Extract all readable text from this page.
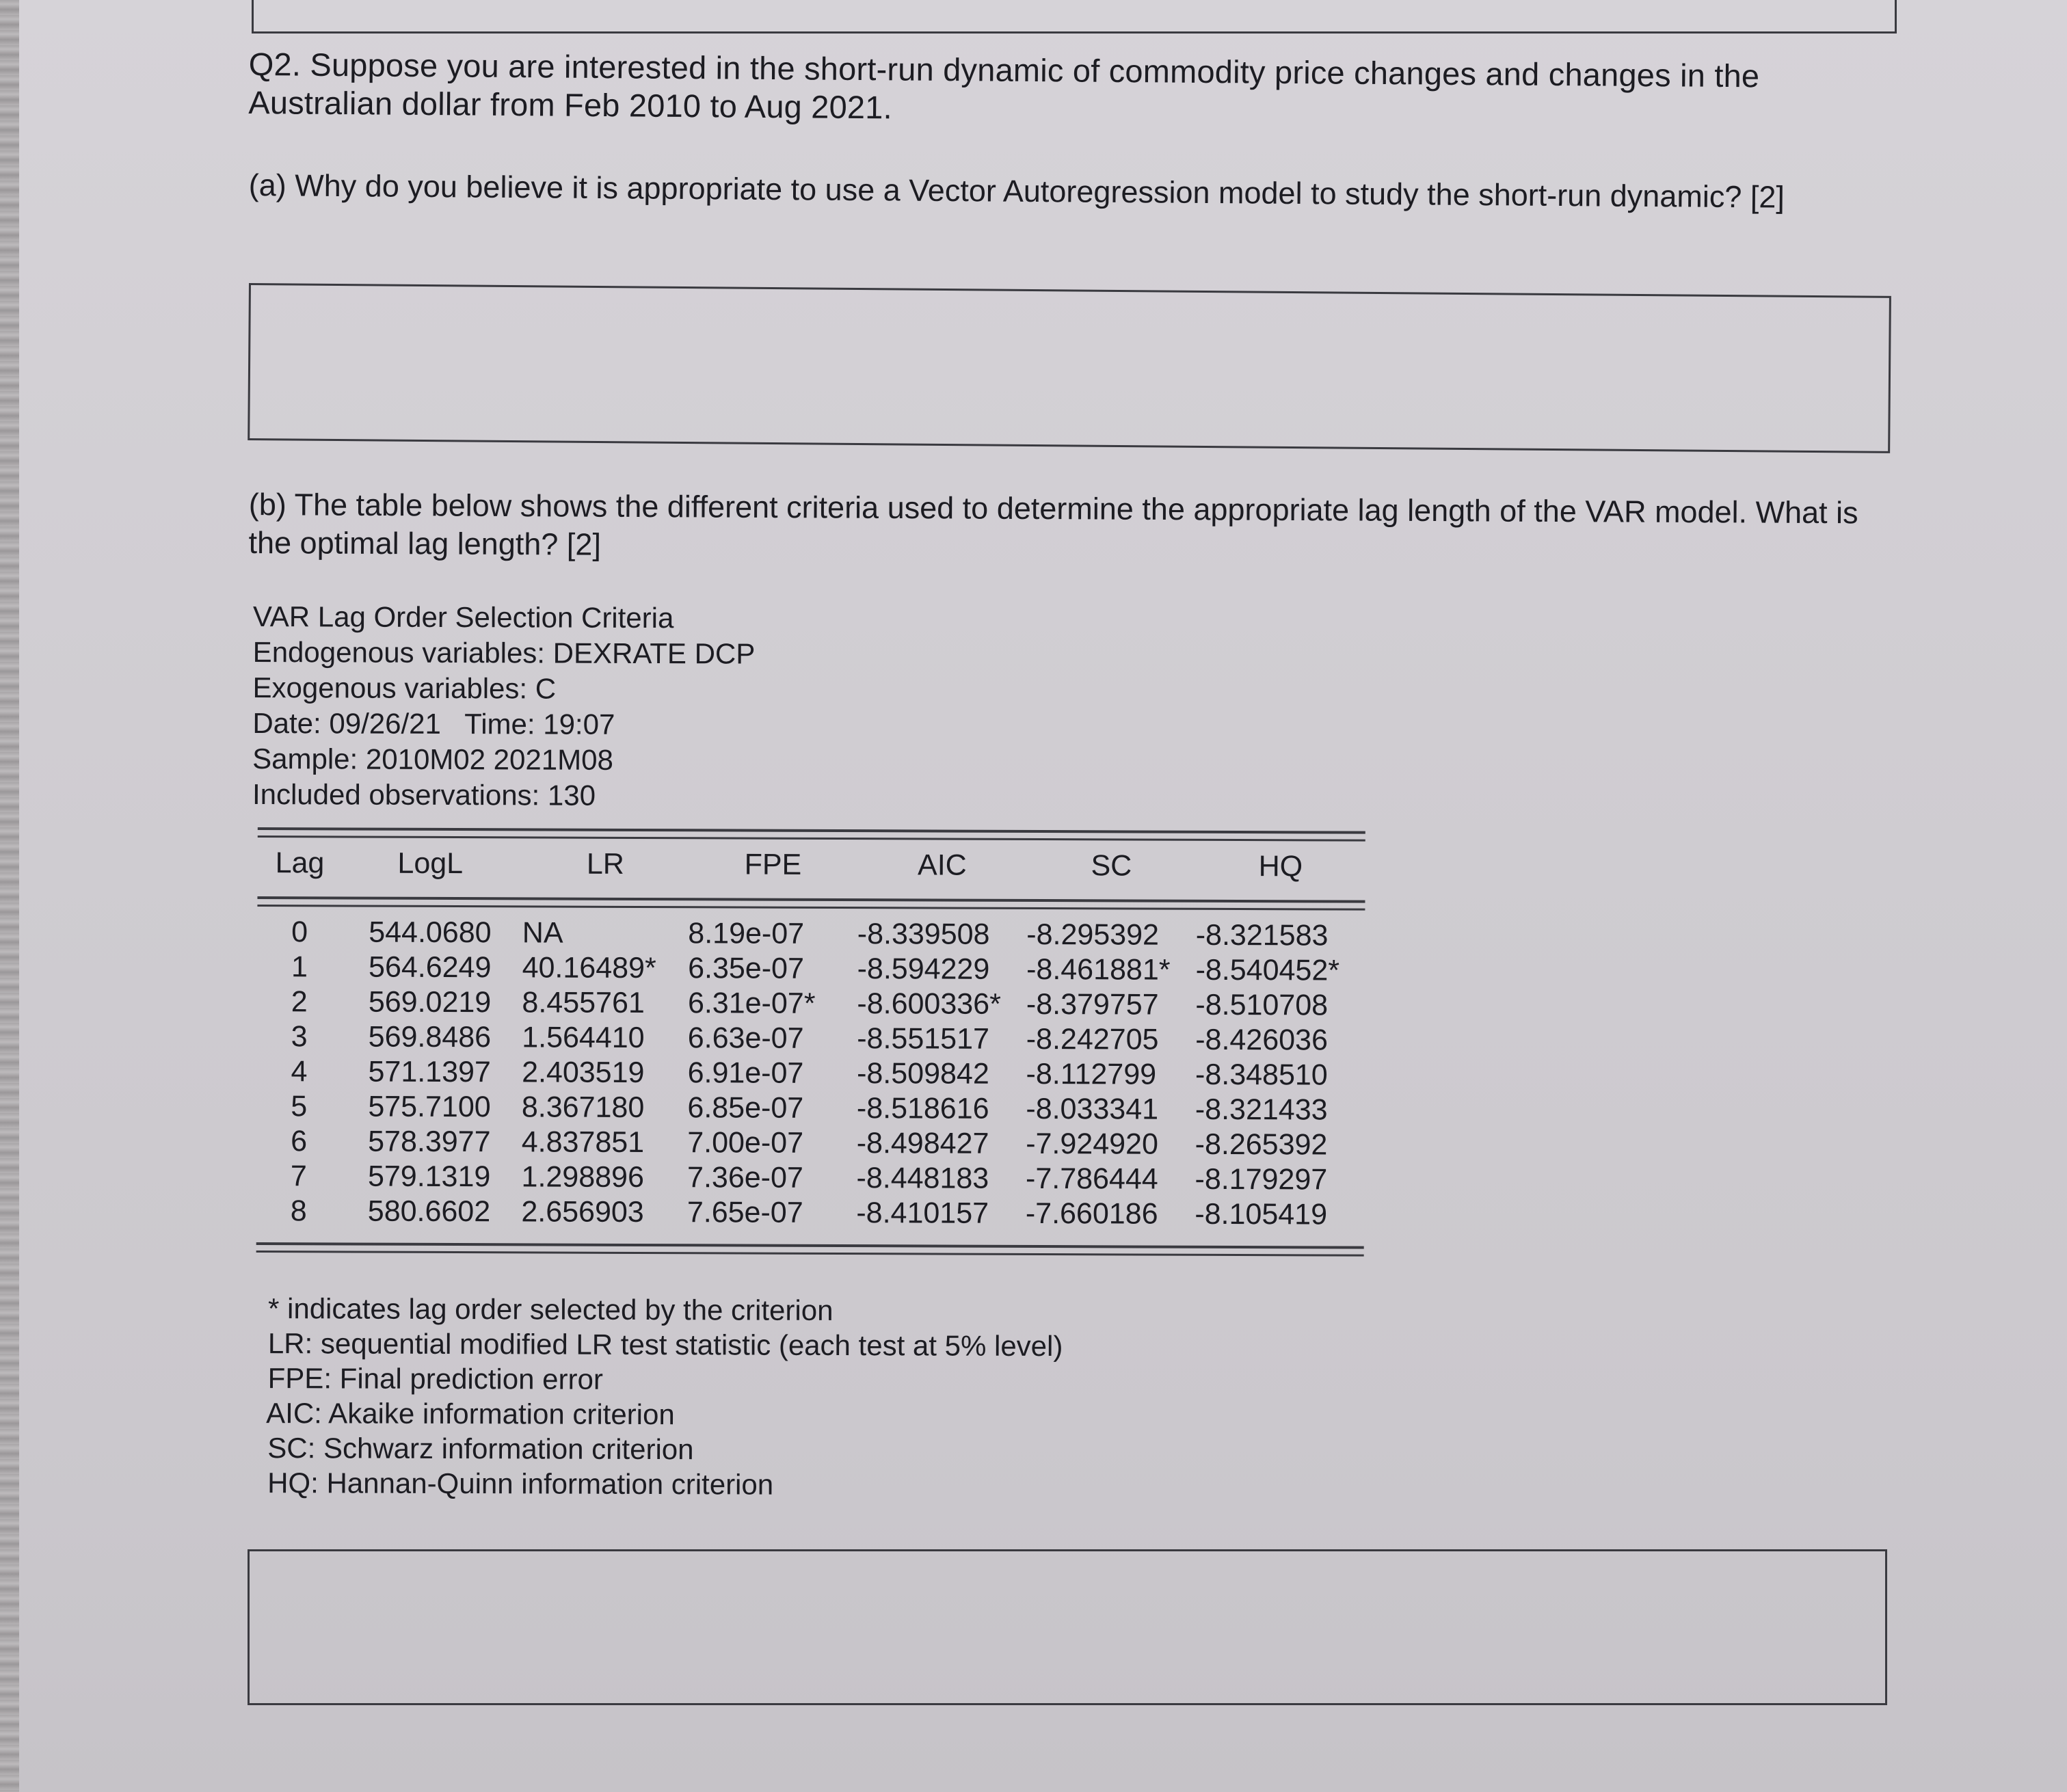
Q2. Suppose you are interested in the short-run dynamic of commodity price changes and changes in the Australian dollar from Feb 2010 to Aug 2021.
(a) Why do you believe it is appropriate to use a Vector Autoregression model to study the short-run dynamic? [2]
(b) The table below shows the different criteria used to determine the appropriate lag length of the VAR model. What is the optimal lag length? [2]
VAR Lag Order Selection Criteria
Endogenous variables: DEXRATE DCP
Exogenous variables: C
Date: 09/26/21   Time: 19:07
Sample: 2010M02 2021M08
Included observations: 130
Lag	LogL	LR	FPE	AIC	SC	HQ
0	544.0680	NA	8.19e-07	-8.339508	-8.295392	-8.321583
1	564.6249	40.16489*	6.35e-07	-8.594229	-8.461881*	-8.540452*
2	569.0219	8.455761	6.31e-07*	-8.600336*	-8.379757	-8.510708
3	569.8486	1.564410	6.63e-07	-8.551517	-8.242705	-8.426036
4	571.1397	2.403519	6.91e-07	-8.509842	-8.112799	-8.348510
5	575.7100	8.367180	6.85e-07	-8.518616	-8.033341	-8.321433
6	578.3977	4.837851	7.00e-07	-8.498427	-7.924920	-8.265392
7	579.1319	1.298896	7.36e-07	-8.448183	-7.786444	-8.179297
8	580.6602	2.656903	7.65e-07	-8.410157	-7.660186	-8.105419
* indicates lag order selected by the criterion
LR: sequential modified LR test statistic (each test at 5% level)
FPE: Final prediction error
AIC: Akaike information criterion
SC: Schwarz information criterion
HQ: Hannan-Quinn information criterion
